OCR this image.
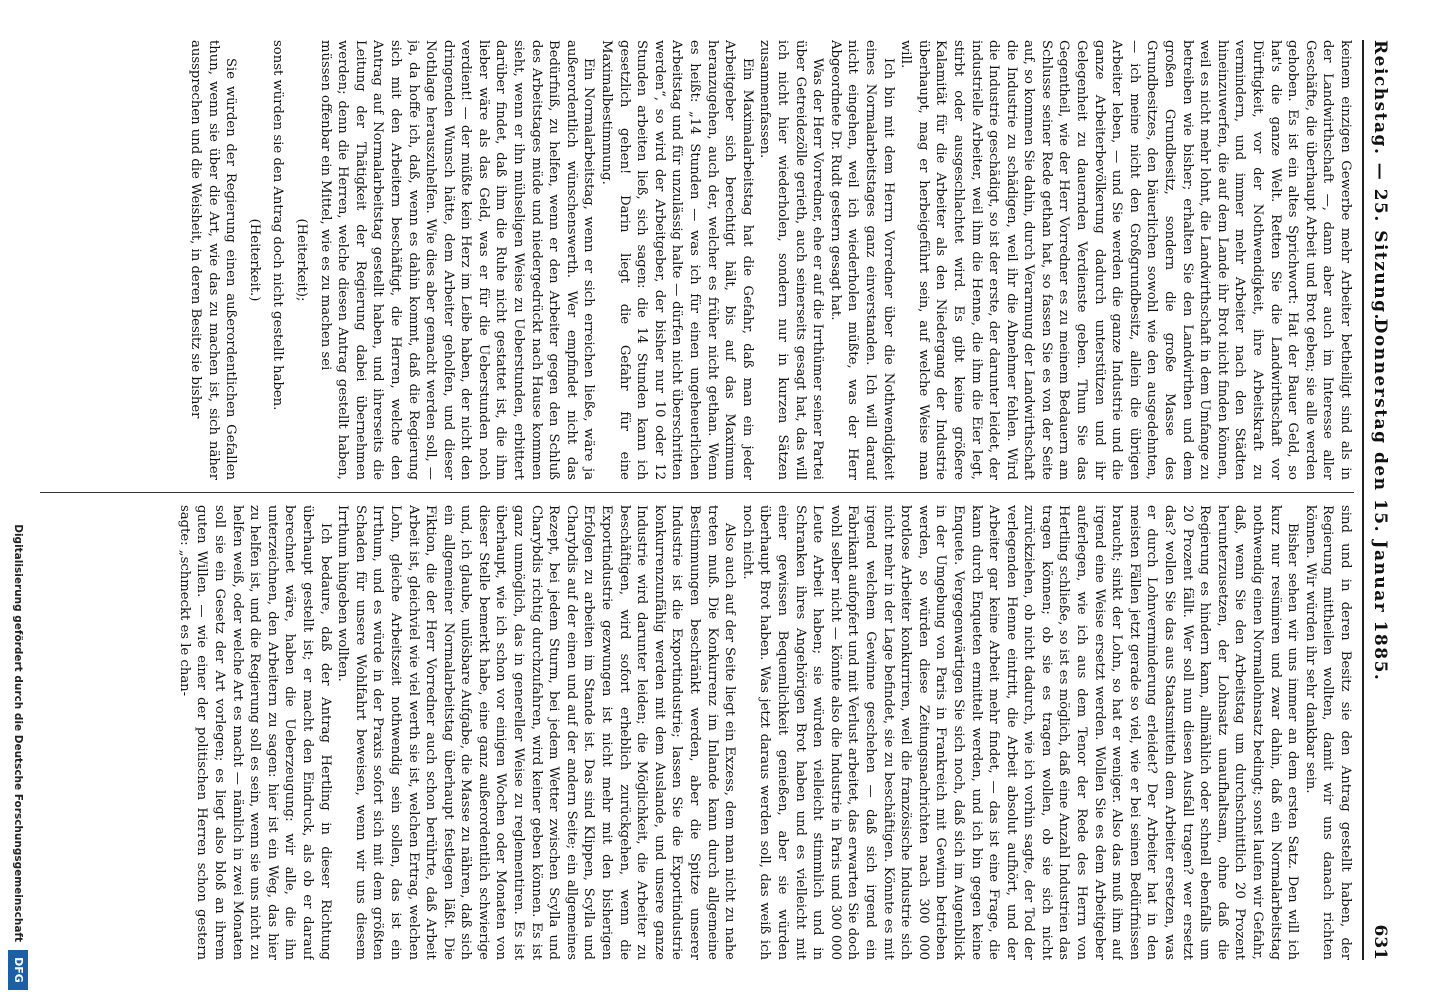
Reichstag. — 25. Sitzung.
Donnerstag den 15. Januar 1885.
631

keinem einzigen Gewerbe mehr Arbeiter betheiligt sind als in der Landwirthschaft —, dann aber auch im Interesse aller Geschäfte, die überhaupt Arbeit und Brot geben; sie alle werden gehoben. Es ist ein altes Sprichwort: Hat der Bauer Geld, so hat's die ganze Welt. Retten Sie die Landwirthschaft vor Dürftigkeit, vor der Nothwendigkeit, ihre Arbeitskraft zu vermindern, und immer mehr Arbeiter nach den Städten hineinzuwerfen, die auf dem Lande ihr Brot nicht finden können, weil es nicht mehr lohnt, die Landwirthschaft in dem Umfange zu betreiben wie bisher; erhalten Sie den Landwirthen und dem großen Grundbesitz, sondern die große Masse des Grundbesitzes, den bäuerlichen sowohl wie den ausgedehnten, — ich meine nicht den Großgrundbesitz, allein die übrigen Arbeiter leben, — und Sie werden die ganze Industrie und die ganze Arbeiterbevölkerung dadurch unterstützen und ihr Gelegenheit zu dauernden Verdienste geben. Thun Sie das Gegentheil, wie der Herr Vorredner es zu meinem Bedauern am Schlusse seiner Rede gethan hat, so fassen Sie es von der Seite auf, so kommen Sie dahin, durch Verarmung der Landwirthschaft die Industrie zu schädigen, weil ihr die Abnehmer fehlen. Wird die Industrie geschädigt, so ist der erste, der darunter leidet, der industrielle Arbeiter, weil ihm die Henne, die ihm die Eier legt, stirbt oder ausgeschlachtet wird. Es gibt keine größere Kalamität für die Arbeiter als den Niedergang der Industrie überhaupt, mag er herbeigeführt sein, auf welche Weise man will.

Ich bin mit dem Herrn Vorredner über die Nothwendigkeit eines Normalarbeitstages ganz einverstanden. Ich will darauf nicht eingehen, weil ich wiederholen müßte, was der Herr Abgeordnete Dr. Rudt gestern gesagt hat.

Was der Herr Vorredner, ehe er auf die Irrthümer seiner Partei über Getreidezölle gerieth, auch seinerseits gesagt hat, das will ich nicht hier wiederholen, sondern nur in kurzen Sätzen zusammenfassen.

Ein Maximalarbeitstag hat die Gefahr, daß man ein jeder Arbeitgeber sich berechtigt hält, bis auf das Maximum heranzugehen, auch der, welcher es früher nicht gethan. Wenn es heißt: „14 Stunden — was ich für einen ungeheuerlichen Arbeitstag und für unzulässig halte — dürfen nicht überschritten werden“, so wird der Arbeitgeber, der bisher nur 10 oder 12 Stunden arbeiten ließ, sich sagen: die 14 Stunden kann ich gesetzlich gehen! Darin liegt die Gefahr für eine Maximalbestimmung.

Ein Normalarbeitstag, wenn er sich erreichen ließe, wäre ja außerordentlich wünschenswerth. Wer empfindet nicht das Bedürfniß, zu helfen, wenn er den Arbeiter gegen den Schluß des Arbeitstages müde und niedergedrückt nach Hause kommen sieht, wenn er ihn mühseligen Weise zu Ueberstunden, erbittert darüber findet, daß ihm die Ruhe nicht gestattet ist, die ihm lieber wäre als das Geld, was er für die Ueberstunden noch verdient! — der müßte kein Herz im Leibe haben, der nicht den dringenden Wunsch hätte, dem Arbeiter geholfen, und dieser Nothlage herauszuhelfen. Wie dies aber gemacht werden soll, — ja, da hoffe ich, daß, wenn es dahin kommt, daß die Regierung sich mit den Arbeitern beschäftigt, die Herren, welche den Antrag auf Normalarbeitstag gestellt haben, und ihrerseits die Leitung der Thätigkeit der Regierung dabei übernehmen werden; denn die Herren, welche diesen Antrag gestellt haben, müssen offenbar ein Mittel, wie es zu machen sei

(Heiterkeit);

sonst würden sie den Antrag doch nicht gestellt haben.

(Heiterkeit.)

Sie würden der Regierung einen außerordentlichen Gefallen thun, wenn sie über die Art, wie das zu machen ist, sich näher aussprechen und die Weisheit, in deren Besitz sie bisher

sind und in deren Besitz sie den Antrag gestellt haben, der Regierung mittheilen wollten, damit wir uns danach richten können. Wir würden ihr sehr dankbar sein.

Bisher sehen wir uns immer an dem ersten Satz. Den will ich kurz nur resümiren und zwar dahin, daß ein Normalarbeitstag nothwendig einen Normallohnsatz bedingt; sonst laufen wir Gefahr, daß, wenn Sie den Arbeitstag um durchschnittlich 20 Prozent herunterzusetzen, der Lohnsatz unaufhaltsam, ohne daß die Regierung es hindern kann, allmählich oder schnell ebenfalls um 20 Prozent fällt. Wer soll nun diesen Ausfall tragen? wer ersetzt das? wollen Sie das aus Staatsmitteln dem Arbeiter ersetzen, was er durch Lohnverminderung erleidet? Der Arbeiter hat in den meisten Fällen jetzt gerade so viel, wie er bei seinen Bedürfnissen braucht; sinkt der Lohn, so hat er weniger. Also das muß ihm auf irgend eine Weise ersetzt werden. Wollen Sie es dem Arbeitgeber auferlegen, wie ich aus dem Tenor der Rede des Herrn von Hertling schließe, so ist es möglich, daß eine Anzahl Industrien das tragen können; ob sie es tragen wollen, ob sie sich nicht zurückziehen, ob nicht dadurch, wie ich vorhin sagte, der Tod der verlegenden Henne eintritt, die Arbeit absolut aufhört, und der Arbeiter gar keine Arbeit mehr findet, — das ist eine Frage, die kann durch Enqueten ermittelt werden, und ich bin gegen keine Enquete. Vergegenwärtigen Sie sich noch, daß sich im Augenblick in der Umgebung von Paris in Frankreich mit Gewinn betrieben werden, so würden diese Zeitungsnachrichten nach 300 000 brotlose Arbeiter konkurriren, weil die französische Industrie sich nicht mehr in der Lage befindet, sie zu beschäftigen. Könnte es mit irgend welchem Gewinne geschehen — daß sich irgend ein Fabrikant aufopfert und mit Verlust arbeitet, das erwarten Sie doch wohl selber nicht — könnte also die Industrie in Paris und 300 000 Leute Arbeit haben; sie würden vielleicht stimmlich und in Schranken ihres Angehörigen Brot haben und es vielleicht mit einer gewissen Bequemlichkeit genießen, aber sie würden überhaupt Brot haben. Was jetzt daraus werden soll, das weiß ich noch nicht.

Also auch auf der Seite liegt ein Exzess, dem man nicht zu nahe treten muß. Die Konkurrenz im Inlande kann durch allgemeine Bestimmungen beschränkt werden, aber die Spitze unserer Industrie ist die Exportindustrie; lassen Sie die Exportindustrie konkurrenzunfähig werden mit dem Auslande, und unsere ganze Industrie wird darunter leiden; die Möglichkeit, die Arbeiter zu beschäftigen, wird sofort erheblich zurückgehen, wenn die Exportindustrie gezwungen ist nicht mehr mit den bisherigen Erfolgen zu arbeiten im Stande ist. Das sind Klippen, Scylla und Charybdis auf der einen und auf der andern Seite; ein allgemeines Rezept, bei jedem Sturm, bei jedem Wetter zwischen Scylla und Charybdis richtig durchzufahren, wird keiner geben können. Es ist ganz unmöglich, das in genereller Weise zu reglementiren. Es ist überhaupt, wie ich schon vor einigen Wochen oder Monaten von dieser Stelle bemerkt habe, eine ganz außerordentlich schwierige und, ich glaube, unlösbare Aufgabe, die Masse zu nähren, daß sich ein allgemeiner Normalarbeitstag überhaupt festlegen läßt. Die Fiktion, die der Herr Vorredner auch schon berührte, daß Arbeit Arbeit ist, gleichviel wie viel werth sie ist, welchen Ertrag, welchen Lohn, gleiche Arbeitszeit nothwendig sein sollen, das ist ein Irrthum, und es würde in der Praxis sofort sich mit dem größten Schaden für unsere Wohlfahrt beweisen, wenn wir uns diesem Irrthum hingeben wollten.

Ich bedaure, daß der Antrag Hertling in dieser Richtung überhaupt gestellt ist; er macht den Eindruck, als ob er darauf berechnet wäre, haben die Ueberzeugung: wir alle, die ihn unterzeichnen, den Arbeitern zu sagen: hier ist ein Weg, das hier zu helfen ist, und die Regierung soll es sein, wenn sie uns nicht zu helfen weiß, oder welche Art es macht — nämlich in zwei Monaten soll sie ein Gesetz der Art vorlegen; es liegt also bloß an ihrem guten Willen. — wie einer der politischen Herren schon gestern sagte: „schmeckt es le chan-

Digitalisierung gefördert durch die Deutsche Forschungsgemeinschaft
DFG
